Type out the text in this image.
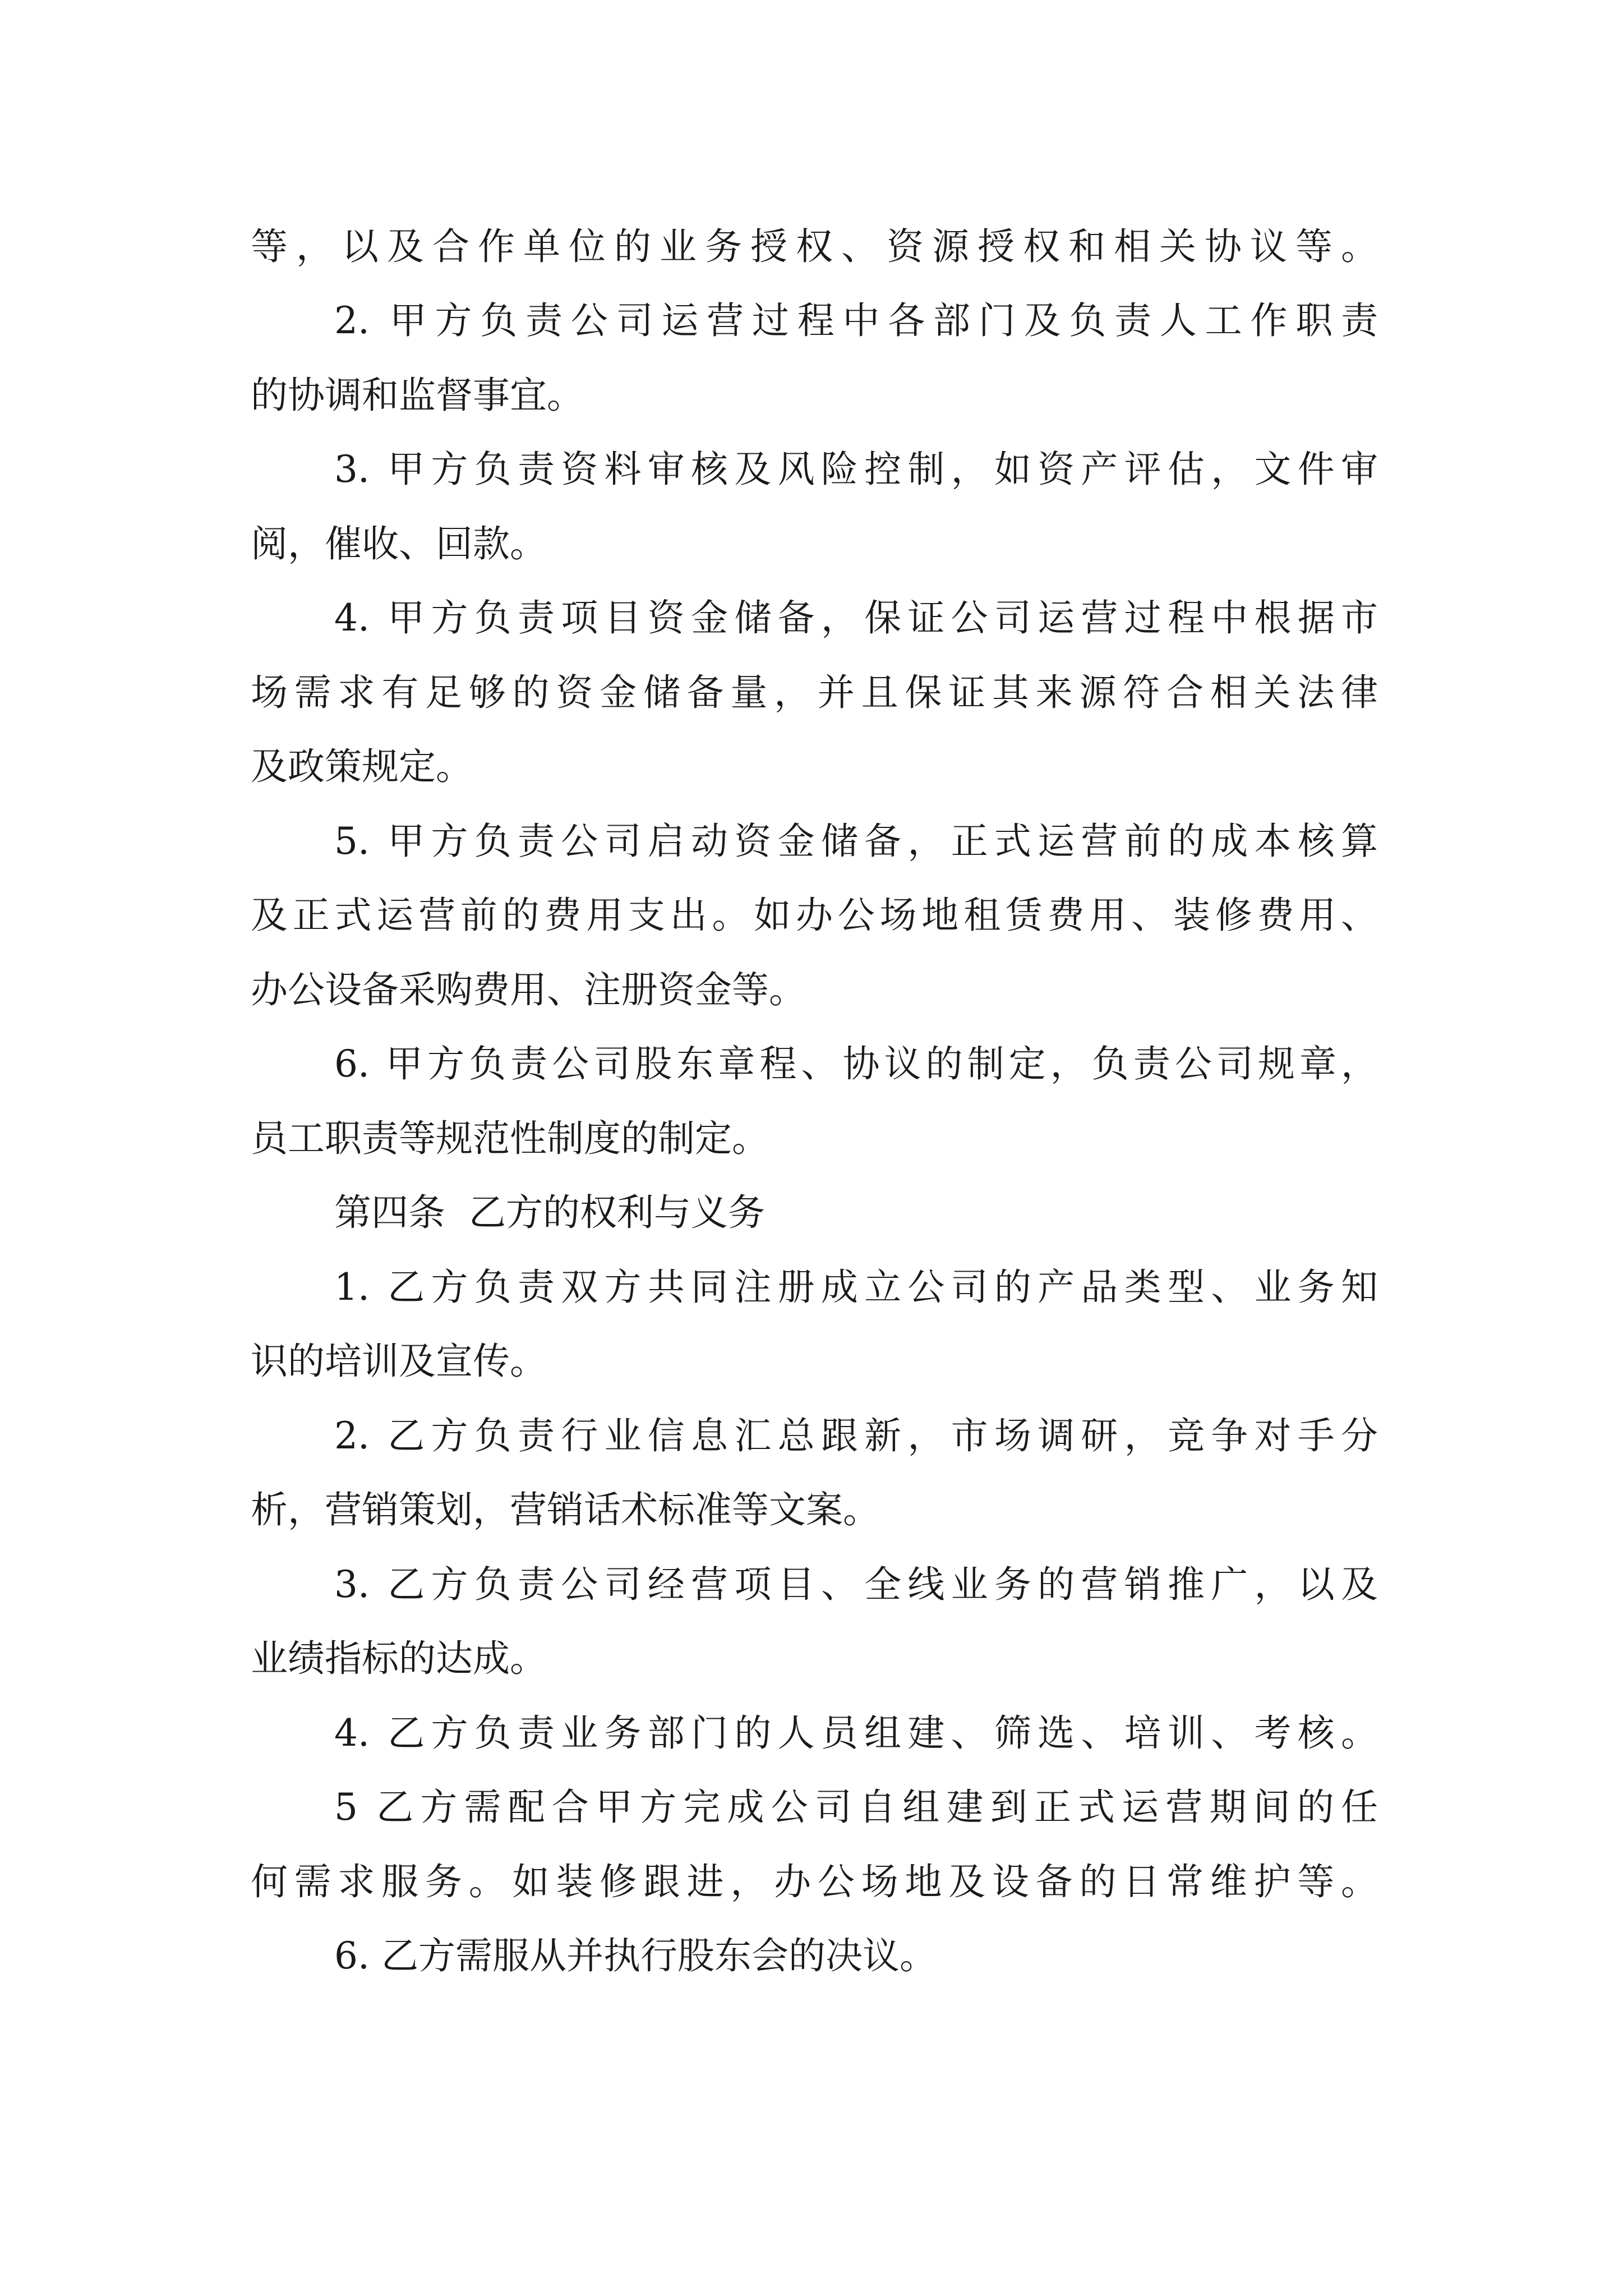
等，以及合作单位的业务授权、资源授权和相关协议等。

2. 甲方负责公司运营过程中各部门及负责人工作职责

的协调和监督事宜。

3. 甲方负责资料审核及风险控制，如资产评估，文件审

阅，催收、回款。

4. 甲方负责项目资金储备，保证公司运营过程中根据市

场需求有足够的资金储备量，并且保证其来源符合相关法律

及政策规定。

5. 甲方负责公司启动资金储备，正式运营前的成本核算

及正式运营前的费用支出。如办公场地租赁费用、装修费用、

办公设备采购费用、注册资金等。

6. 甲方负责公司股东章程、协议的制定，负责公司规章，

员工职责等规范性制度的制定。

第四条  乙方的权利与义务

1. 乙方负责双方共同注册成立公司的产品类型、业务知

识的培训及宣传。

2. 乙方负责行业信息汇总跟新，市场调研，竞争对手分

析，营销策划，营销话术标准等文案。

3. 乙方负责公司经营项目、全线业务的营销推广，以及

业绩指标的达成。

4. 乙方负责业务部门的人员组建、筛选、培训、考核。

5 乙方需配合甲方完成公司自组建到正式运营期间的任

何需求服务。如装修跟进，办公场地及设备的日常维护等。

6. 乙方需服从并执行股东会的决议。
